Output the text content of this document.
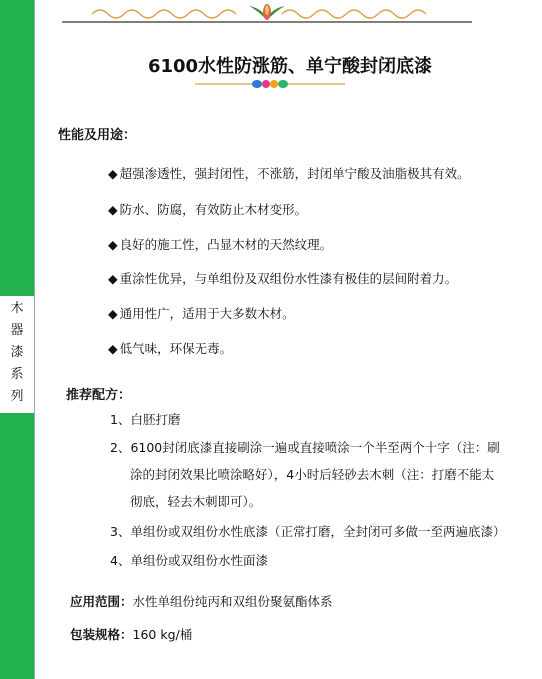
木
器
漆
系
列
6100水性防涨筋、单宁酸封闭底漆
性能及用途：
◆ 超强渗透性，强封闭性，不涨筋，封闭单宁酸及油脂极其有效。
◆ 防水、防腐，有效防止木材变形。
◆ 良好的施工性，凸显木材的天然纹理。
◆ 重涂性优异，与单组份及双组份水性漆有极佳的层间附着力。
◆ 通用性广，适用于大多数木材。
◆ 低气味，环保无毒。
推荐配方：
1、白胚打磨
2、6100封闭底漆直接刷涂一遍或直接喷涂一个半至两个十字（注：刷
涂的封闭效果比喷涂略好），4小时后轻砂去木刺（注：打磨不能太
彻底，轻去木刺即可）。
3、单组份或双组份水性底漆（正常打磨，全封闭可多做一至两遍底漆）
4、单组份或双组份水性面漆
应用范围：水性单组份纯丙和双组份聚氨酯体系
包装规格：160 kg/桶
